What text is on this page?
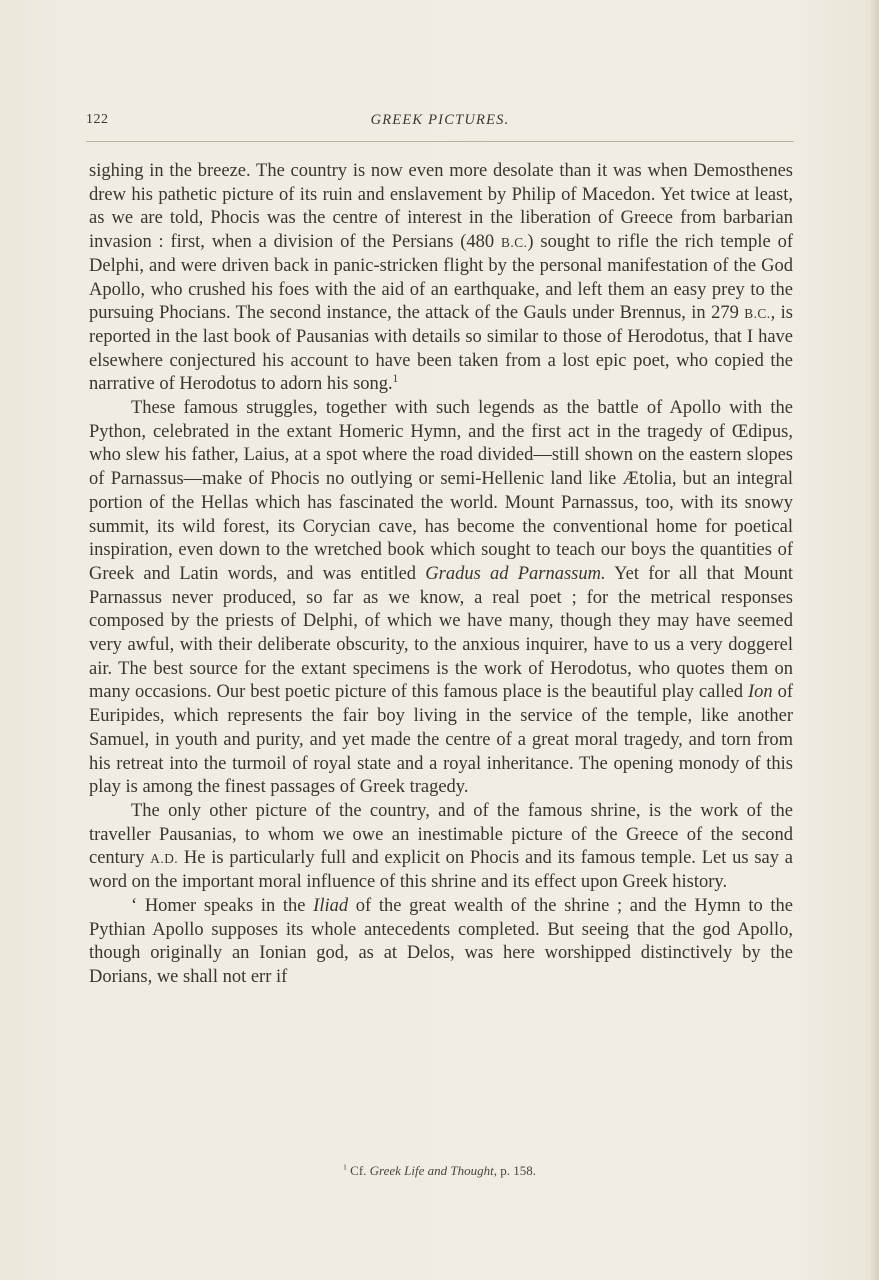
122	GREEK PICTURES.

sighing in the breeze. The country is now even more desolate than it was when Demosthenes drew his pathetic picture of its ruin and enslavement by Philip of Macedon. Yet twice at least, as we are told, Phocis was the centre of interest in the liberation of Greece from barbarian invasion : first, when a division of the Persians (480 B.C.) sought to rifle the rich temple of Delphi, and were driven back in panic-stricken flight by the personal manifestation of the God Apollo, who crushed his foes with the aid of an earthquake, and left them an easy prey to the pursuing Phocians. The second instance, the attack of the Gauls under Brennus, in 279 B.C., is reported in the last book of Pausanias with details so similar to those of Herodotus, that I have elsewhere conjectured his account to have been taken from a lost epic poet, who copied the narrative of Herodotus to adorn his song.$^1$

These famous struggles, together with such legends as the battle of Apollo with the Python, celebrated in the extant Homeric Hymn, and the first act in the tragedy of Œdipus, who slew his father, Laius, at a spot where the road divided—still shown on the eastern slopes of Parnassus—make of Phocis no outlying or semi-Hellenic land like Ætolia, but an integral portion of the Hellas which has fascinated the world. Mount Parnassus, too, with its snowy summit, its wild forest, its Corycian cave, has become the conventional home for poetical inspiration, even down to the wretched book which sought to teach our boys the quantities of Greek and Latin words, and was entitled Gradus ad Parnassum. Yet for all that Mount Parnassus never produced, so far as we know, a real poet ; for the metrical responses composed by the priests of Delphi, of which we have many, though they may have seemed very awful, with their deliberate obscurity, to the anxious inquirer, have to us a very doggerel air. The best source for the extant specimens is the work of Herodotus, who quotes them on many occasions. Our best poetic picture of this famous place is the beautiful play called Ion of Euripides, which represents the fair boy living in the service of the temple, like another Samuel, in youth and purity, and yet made the centre of a great moral tragedy, and torn from his retreat into the turmoil of royal state and a royal inheritance. The opening monody of this play is among the finest passages of Greek tragedy.

The only other picture of the country, and of the famous shrine, is the work of the traveller Pausanias, to whom we owe an inestimable picture of the Greece of the second century A.D. He is particularly full and explicit on Phocis and its famous temple. Let us say a word on the important moral influence of this shrine and its effect upon Greek history.

‘ Homer speaks in the Iliad of the great wealth of the shrine ; and the Hymn to the Pythian Apollo supposes its whole antecedents completed. But seeing that the god Apollo, though originally an Ionian god, as at Delos, was here worshipped distinctively by the Dorians, we shall not err if

$^1$ Cf. Greek Life and Thought, p. 158.
